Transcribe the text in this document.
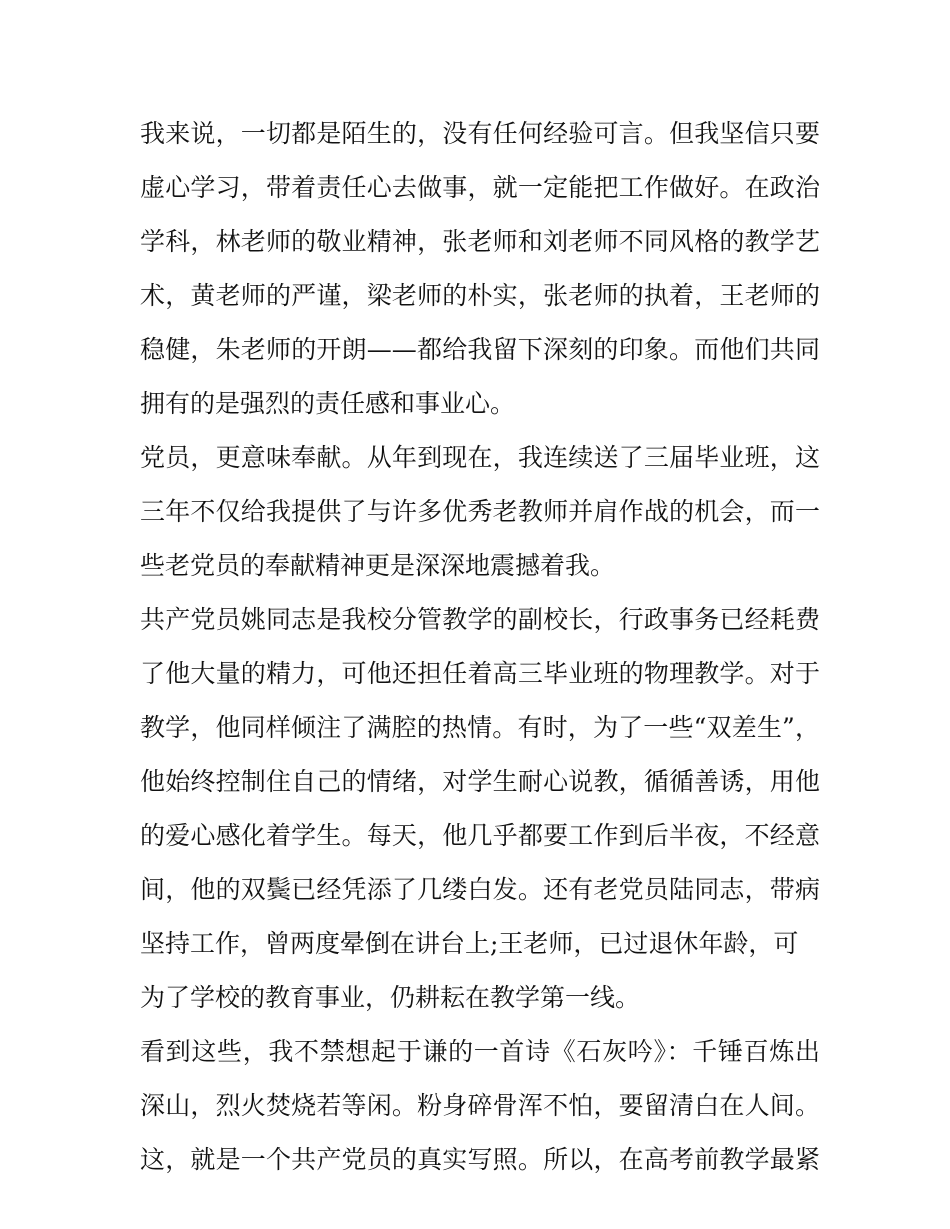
我来说，一切都是陌生的，没有任何经验可言。但我坚信只要
虚心学习，带着责任心去做事，就一定能把工作做好。在政治
学科，林老师的敬业精神，张老师和刘老师不同风格的教学艺
术，黄老师的严谨，梁老师的朴实，张老师的执着，王老师的
稳健，朱老师的开朗——都给我留下深刻的印象。而他们共同
拥有的是强烈的责任感和事业心。
党员，更意味奉献。从年到现在，我连续送了三届毕业班，这
三年不仅给我提供了与许多优秀老教师并肩作战的机会，而一
些老党员的奉献精神更是深深地震撼着我。
共产党员姚同志是我校分管教学的副校长，行政事务已经耗费
了他大量的精力，可他还担任着高三毕业班的物理教学。对于
教学，他同样倾注了满腔的热情。有时，为了一些“双差生”，
他始终控制住自己的情绪，对学生耐心说教，循循善诱，用他
的爱心感化着学生。每天，他几乎都要工作到后半夜，不经意
间，他的双鬓已经凭添了几缕白发。还有老党员陆同志，带病
坚持工作，曾两度晕倒在讲台上;王老师，已过退休年龄，可
为了学校的教育事业，仍耕耘在教学第一线。
看到这些，我不禁想起于谦的一首诗《石灰吟》：千锤百炼出
深山，烈火焚烧若等闲。粉身碎骨浑不怕，要留清白在人间。
这，就是一个共产党员的真实写照。所以，在高考前教学最紧
